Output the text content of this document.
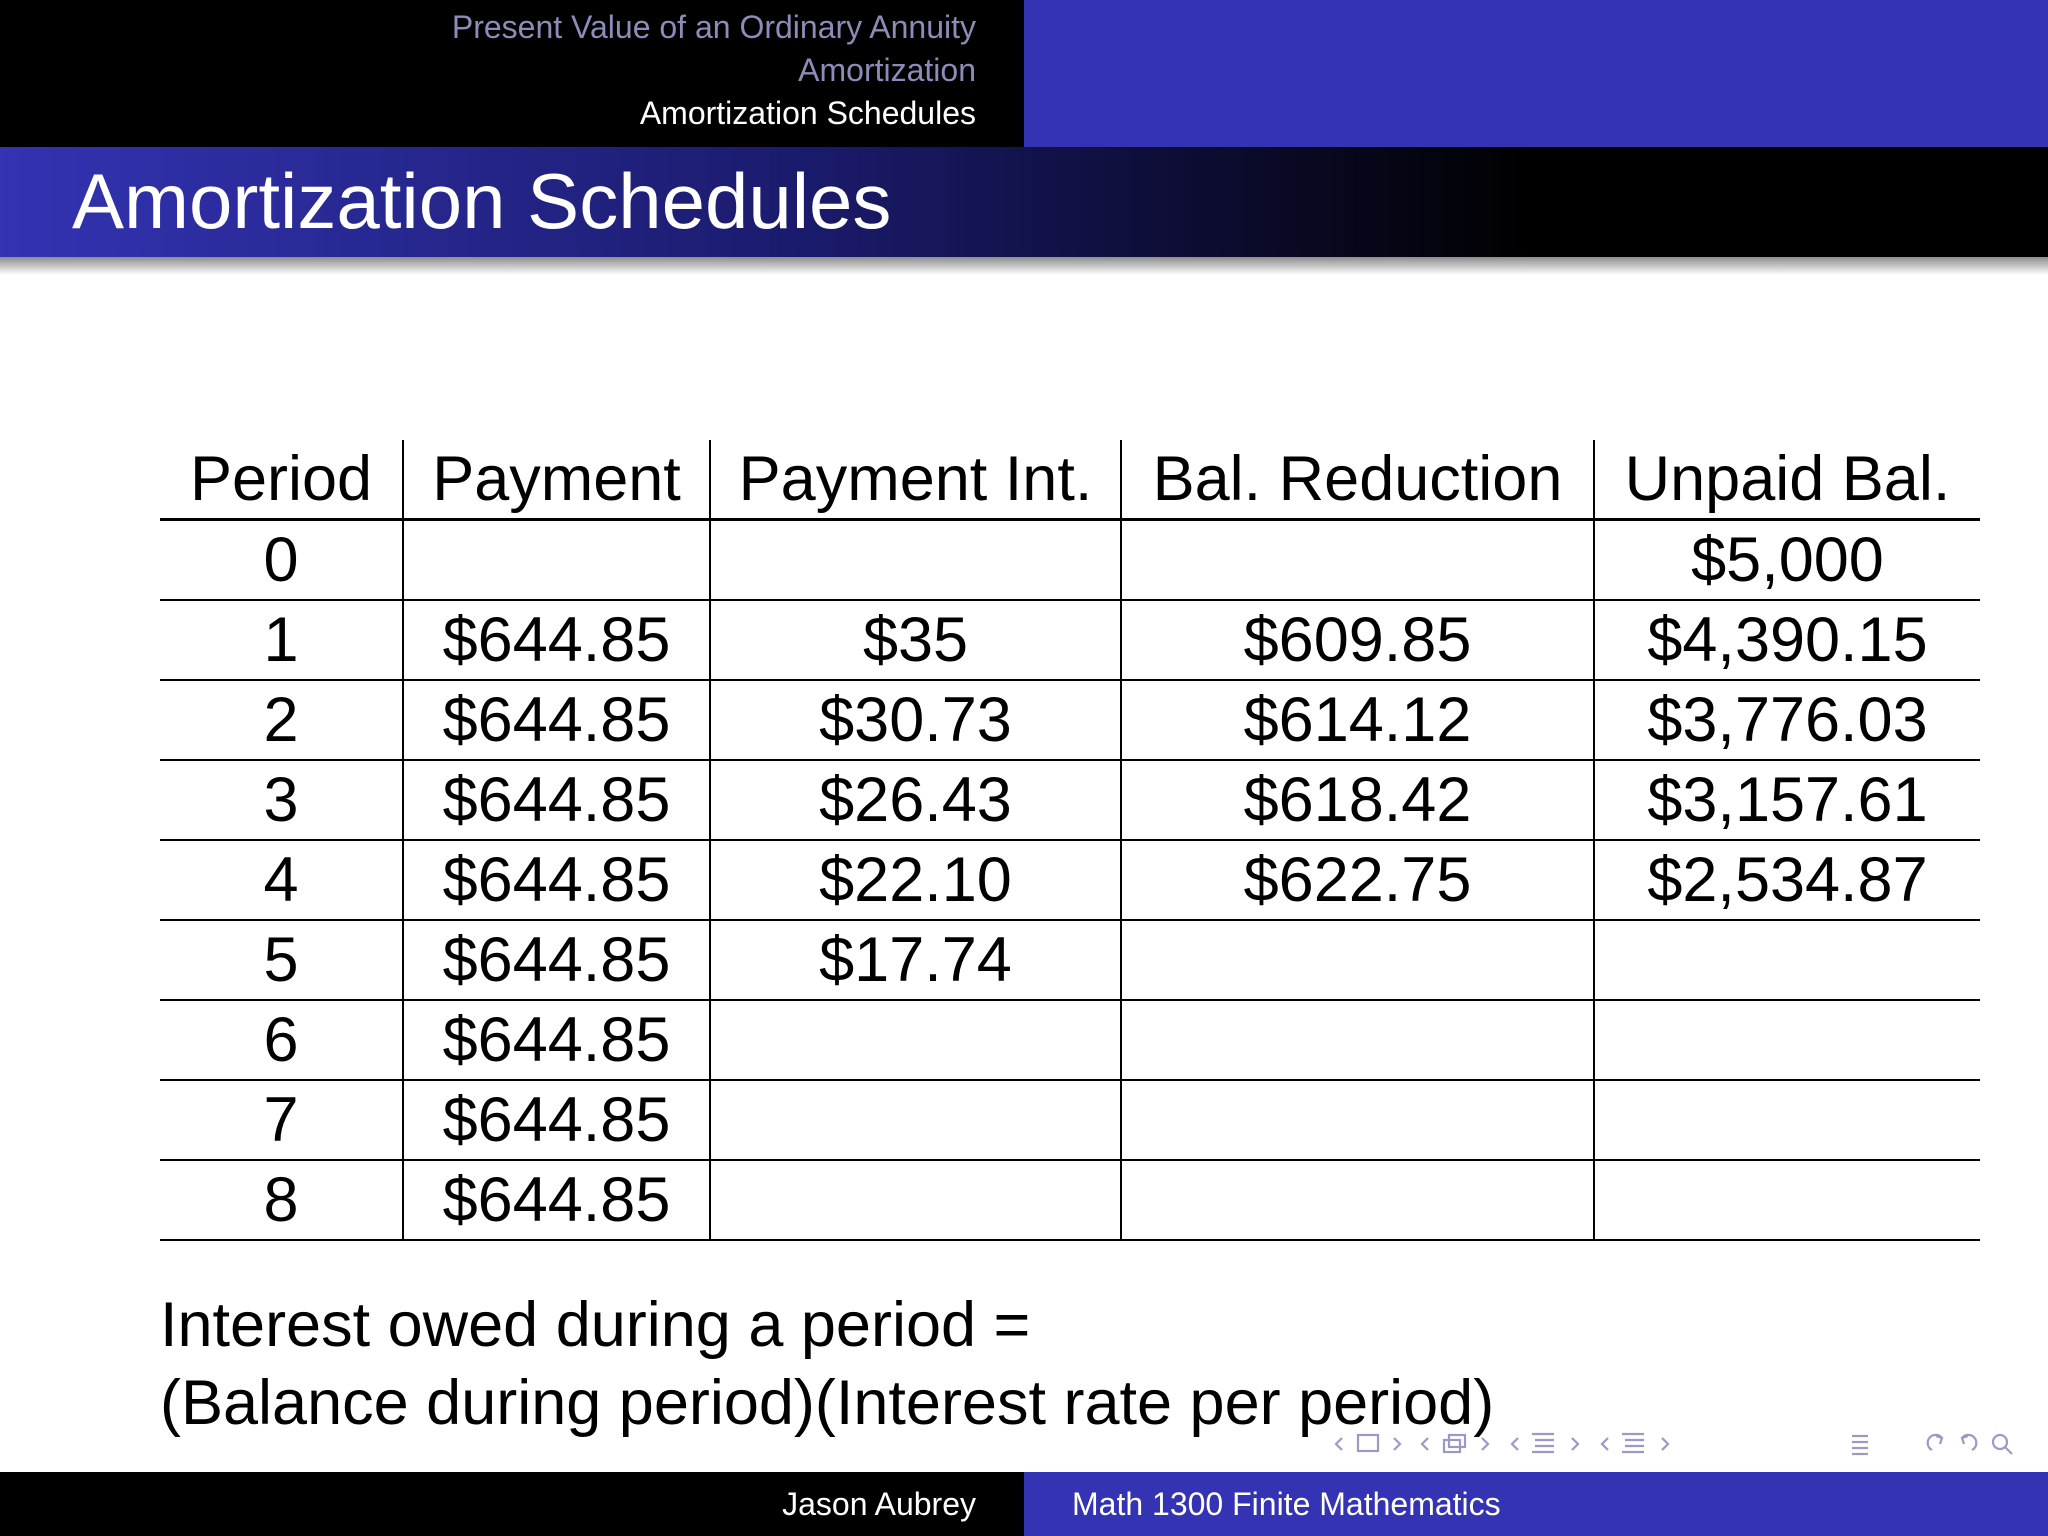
Present Value of an Ordinary Annuity
Amortization
Amortization Schedules
Amortization Schedules
Period	Payment	Payment Int.	Bal. Reduction	Unpaid Bal.
0				$5,000
1	$644.85	$35	$609.85	$4,390.15
2	$644.85	$30.73	$614.12	$3,776.03
3	$644.85	$26.43	$618.42	$3,157.61
4	$644.85	$22.10	$622.75	$2,534.87
5	$644.85	$17.74		
6	$644.85			
7	$644.85			
8	$644.85			
Interest owed during a period =
(Balance during period)(Interest rate per period)
Jason Aubrey	Math 1300 Finite Mathematics
